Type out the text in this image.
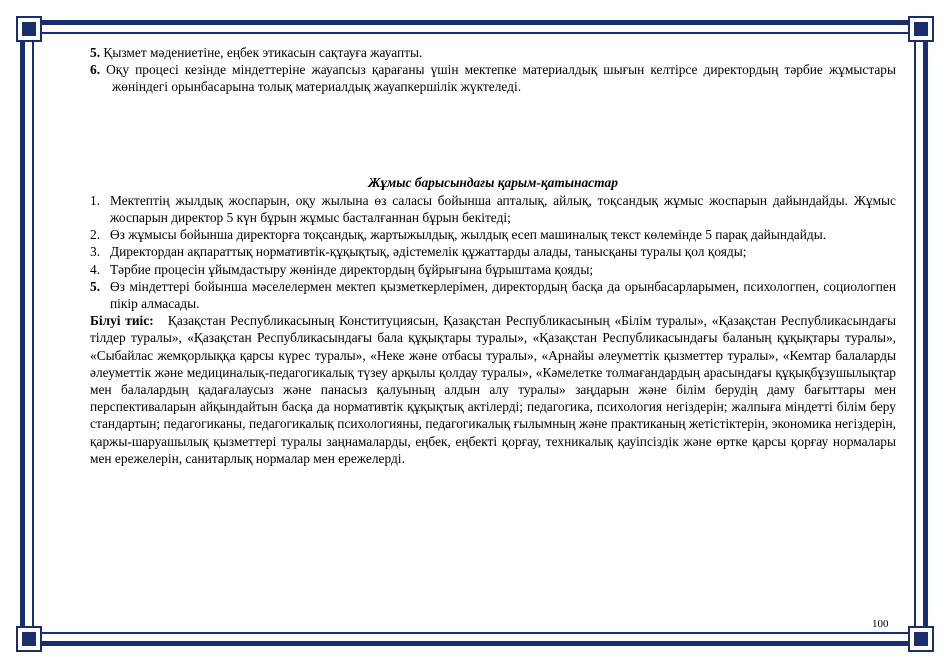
5. Қызмет мәдениетіне, еңбек этикасын сақтауға жауапты.

6. Оқу процесі кезінде міндеттеріне жауапсыз қарағаны үшін мектепке материалдық шығын келтірсе директордың тәрбие жұмыстары жөніндегі орынбасарына толық материалдық жауапкершілік жүктеледі.

Жұмыс барысындағы қарым-қатынастар

1. Мектептің жылдық жоспарын, оқу жылына өз саласы бойынша апталық, айлық, тоқсандық жұмыс жоспарын дайындайды. Жұмыс жоспарын директор 5 күн бұрын жұмыс басталғаннан бұрын бекітеді;
2. Өз жұмысы бойынша директорға тоқсандық, жартыжылдық, жылдық есеп машиналық текст көлемінде 5 парақ дайындайды.
3. Директордан ақпараттық нормативтік-құқықтық, әдістемелік құжаттарды алады, танысқаны туралы қол қояды;
4. Тәрбие процесін ұйымдастыру жөнінде директордың бұйрығына бұрыштама қояды;
5. Өз міндеттері бойынша мәселелермен мектеп қызметкерлерімен, директордың басқа да орынбасарларымен, психологпен, социологпен пікір алмасады.

Білуі тиіс: Қазақстан Республикасының Конституциясын, Қазақстан Республикасының «Білім туралы», «Қазақстан Республикасындағы тілдер туралы», «Қазақстан Республикасындағы бала құқықтары туралы», «Қазақстан Республикасындағы баланың құқықтары туралы», «Сыбайлас жемқорлыққа қарсы күрес туралы», «Неке және отбасы туралы», «Арнайы әлеуметтік қызметтер туралы», «Кемтар балаларды әлеуметтік және медициналық-педагогикалық түзеу арқылы қолдау туралы», «Кәмелетке толмағандардың арасындағы құқықбұзушылықтар мен балалардың қадағалаусыз және панасыз қалуының алдын алу туралы» заңдарын және білім берудің даму бағыттары мен перспективаларын айқындайтын басқа да нормативтік құқықтық актілерді; педагогика, психология негіздерін; жалпыға міндетті білім беру стандартын; педагогиканы, педагогикалық психологияны, педагогикалық ғылымның және практиканың жетістіктерін, экономика негіздерін, қаржы-шаруашылық қызметтері туралы заңнамаларды, еңбек, еңбекті қорғау, техникалық қауіпсіздік және өртке қарсы қорғау нормалары мен ережелерін, санитарлық нормалар мен ережелерді.

100
